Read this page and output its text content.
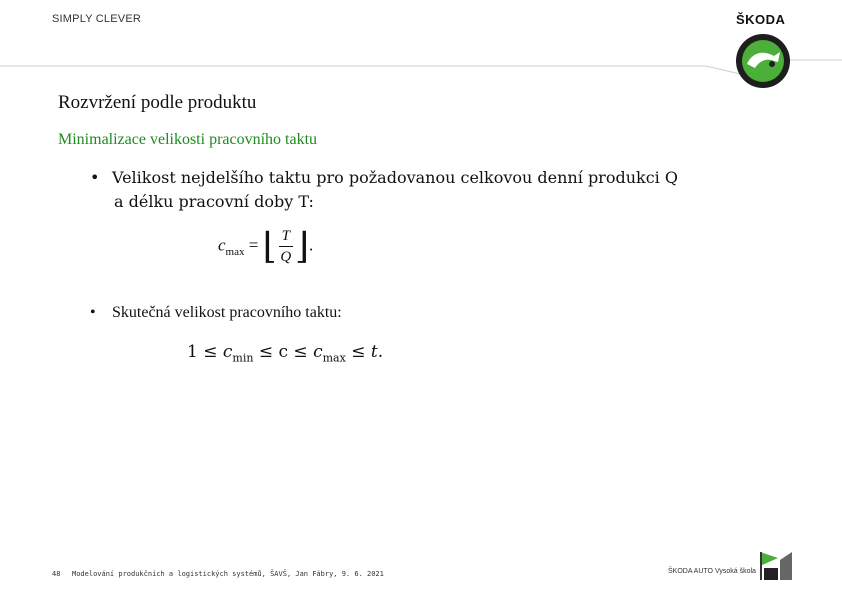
SIMPLY CLEVER	ŠKODA
Rozvržení podle produktu
Minimalizace velikosti pracovního taktu
• Velikost nejdelšího taktu pro požadovanou celkovou denní produkci Q
a délku pracovní doby T:
$c_{max}$ = ⌊ $\frac{T}{Q}$ ⌋.
• Skutečná velikost pracovního taktu:
$1 \le c_{min} \le c \le c_{max} \le t$.
48 Modelování produkčních a logistických systémů, ŠAVŠ, Jan Fábry, 9. 6. 2021	ŠKODA AUTO Vysoká škola
